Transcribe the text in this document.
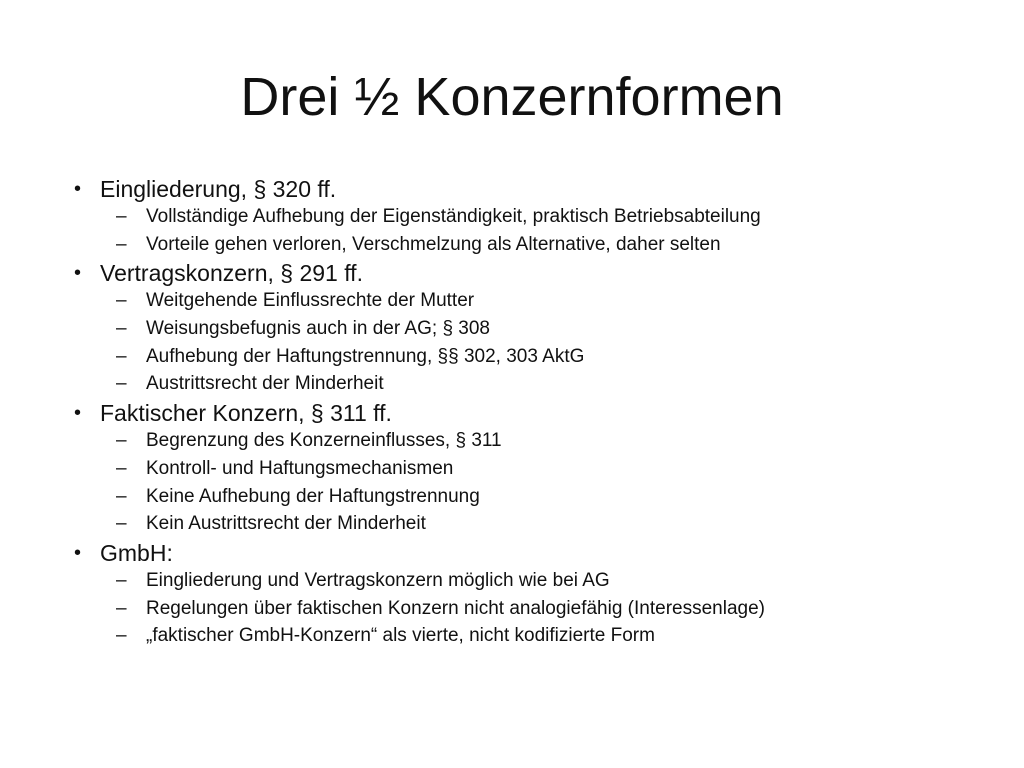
Drei ½ Konzernformen
• Eingliederung, § 320 ff.
– Vollständige Aufhebung der Eigenständigkeit, praktisch Betriebsabteilung
– Vorteile gehen verloren, Verschmelzung als Alternative, daher selten
• Vertragskonzern, § 291 ff.
– Weitgehende Einflussrechte der Mutter
– Weisungsbefugnis auch in der AG; § 308
– Aufhebung der Haftungstrennung, §§ 302, 303 AktG
– Austrittsrecht der Minderheit
• Faktischer Konzern, § 311 ff.
– Begrenzung des Konzerneinflusses, § 311
– Kontroll- und Haftungsmechanismen
– Keine Aufhebung der Haftungstrennung
– Kein Austrittsrecht der Minderheit
• GmbH:
– Eingliederung und Vertragskonzern möglich wie bei AG
– Regelungen über faktischen Konzern nicht analogiefähig (Interessenlage)
– „faktischer GmbH-Konzern“ als vierte, nicht kodifizierte Form
